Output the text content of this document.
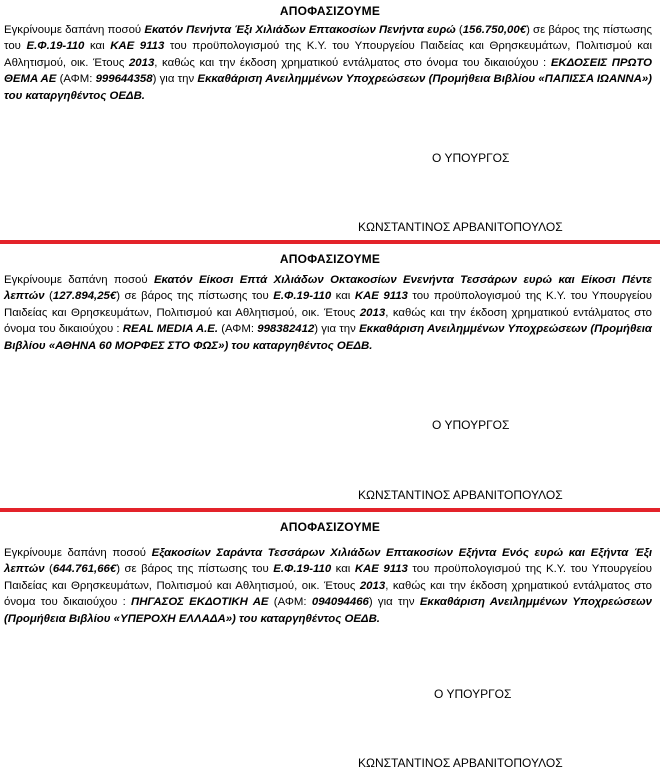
ΑΠΟΦΑΣΙΖΟΥΜΕ

Εγκρίνουμε δαπάνη ποσού Εκατόν Πενήντα Έξι Χιλιάδων Επτακοσίων Πενήντα ευρώ (156.750,00€) σε βάρος της πίστωσης του Ε.Φ.19-110 και ΚΑΕ 9113 του προϋπολογισμού της Κ.Υ. του Υπουργείου Παιδείας και Θρησκευμάτων, Πολιτισμού και Αθλητισμού, οικ. Έτους 2013, καθώς και την έκδοση χρηματικού εντάλματος στο όνομα του δικαιούχου : ΕΚΔΟΣΕΙΣ ΠΡΩΤΟ ΘΕΜΑ ΑΕ (ΑΦΜ: 999644358) για την Εκκαθάριση Ανειλημμένων Υποχρεώσεων (Προμήθεια Βιβλίου «ΠΑΠΙΣΣΑ ΙΩΑΝΝΑ») του καταργηθέντος ΟΕΔΒ.

Ο ΥΠΟΥΡΓΟΣ
ΚΩΝΣΤΑΝΤΙΝΟΣ ΑΡΒΑΝΙΤΟΠΟΥΛΟΣ
ΑΠΟΦΑΣΙΖΟΥΜΕ

Εγκρίνουμε δαπάνη ποσού Εκατόν Είκοσι Επτά Χιλιάδων Οκτακοσίων Ενενήντα Τεσσάρων ευρώ και Είκοσι Πέντε λεπτών (127.894,25€) σε βάρος της πίστωσης του Ε.Φ.19-110 και ΚΑΕ 9113 του προϋπολογισμού της Κ.Υ. του Υπουργείου Παιδείας και Θρησκευμάτων, Πολιτισμού και Αθλητισμού, οικ. Έτους 2013, καθώς και την έκδοση χρηματικού εντάλματος στο όνομα του δικαιούχου : REAL MEDIA A.E. (ΑΦΜ: 998382412) για την Εκκαθάριση Ανειλημμένων Υποχρεώσεων (Προμήθεια Βιβλίου «ΑΘΗΝΑ 60 ΜΟΡΦΕΣ ΣΤΟ ΦΩΣ») του καταργηθέντος ΟΕΔΒ.

Ο ΥΠΟΥΡΓΟΣ
ΚΩΝΣΤΑΝΤΙΝΟΣ ΑΡΒΑΝΙΤΟΠΟΥΛΟΣ
ΑΠΟΦΑΣΙΖΟΥΜΕ

Εγκρίνουμε δαπάνη ποσού Εξακοσίων Σαράντα Τεσσάρων Χιλιάδων Επτακοσίων Εξήντα Ενός ευρώ και Εξήντα Έξι λεπτών (644.761,66€) σε βάρος της πίστωσης του Ε.Φ.19-110 και ΚΑΕ 9113 του προϋπολογισμού της Κ.Υ. του Υπουργείου Παιδείας και Θρησκευμάτων, Πολιτισμού και Αθλητισμού, οικ. Έτους 2013, καθώς και την έκδοση χρηματικού εντάλματος στο όνομα του δικαιούχου : ΠΗΓΑΣΟΣ ΕΚΔΟΤΙΚΗ ΑΕ (ΑΦΜ: 094094466) για την Εκκαθάριση Ανειλημμένων Υποχρεώσεων (Προμήθεια Βιβλίου «ΥΠΕΡΟΧΗ ΕΛΛΑΔΑ») του καταργηθέντος ΟΕΔΒ.

Ο ΥΠΟΥΡΓΟΣ
ΚΩΝΣΤΑΝΤΙΝΟΣ ΑΡΒΑΝΙΤΟΠΟΥΛΟΣ
